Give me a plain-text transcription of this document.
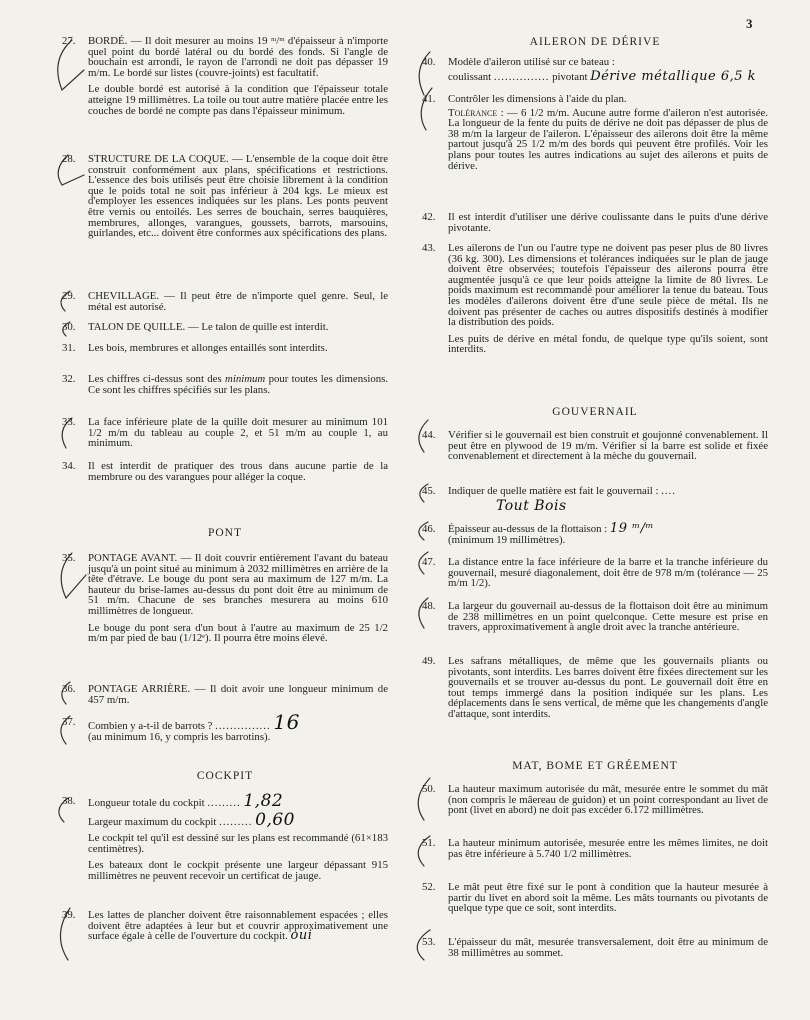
3
27. BORDÉ. — Il doit mesurer au moins 19 ᵐ/ᵐ d'épaisseur à n'importe quel point du bordé latéral ou du bordé des fonds. Si l'angle de bouchain est arrondi, le rayon de l'arrondi ne doit pas dépasser 19 m/m. Le bordé sur listes (couvre-joints) est facultatif.
Le double bordé est autorisé à la condition que l'épaisseur totale atteigne 19 millimètres. La toile ou tout autre matière placée entre les couches de bordé ne compte pas dans l'épaisseur minimum.
28. STRUCTURE DE LA COQUE. — L'ensemble de la coque doit être construit conformément aux plans, spécifications et restrictions. L'essence des bois utilisés peut être choisie librement à la condition que le poids total ne soit pas inférieur à 204 kgs. Le mieux est d'employer les essences indiquées sur les plans. Les ponts peuvent être vernis ou entoilés. Les serres de bouchain, serres bauquières, membrures, allonges, varangues, goussets, barrots, marsouins, guirlandes, etc... doivent être conformes aux spécifications des plans.
29. CHEVILLAGE. — Il peut être de n'importe quel genre. Seul, le métal est autorisé.
30. TALON DE QUILLE. — Le talon de quille est interdit.
31. Les bois, membrures et allonges entaillés sont interdits.
32. Les chiffres ci-dessus sont des minimum pour toutes les dimensions. Ce sont les chiffres spécifiés sur les plans.
33. La face inférieure plate de la quille doit mesurer au minimum 101 1/2 m/m du tableau au couple 2, et 51 m/m au couple 1, au minimum.
34. Il est interdit de pratiquer des trous dans aucune partie de la membrure ou des varangues pour alléger la coque.
PONT
35. PONTAGE AVANT. — Il doit couvrir entièrement l'avant du bateau jusqu'à un point situé au minimum à 2032 millimètres en arrière de la tête d'étrave. Le bouge du pont sera au maximum de 127 m/m. La hauteur du brise-lames au-dessus du pont doit être au minimum de 51 m/m. Chacune de ses branches mesurera au moins 610 millimètres de longueur.
Le bouge du pont sera d'un bout à l'autre au maximum de 25 1/2 m/m par pied de bau (1/12ᵉ). Il pourra être moins élevé.
36. PONTAGE ARRIÈRE. — Il doit avoir une longueur minimum de 457 m/m.
37. Combien y a-t-il de barrots ? ............... 16
(au minimum 16, y compris les barrotins).
COCKPIT
38. Longueur totale du cockpit ......... 1,82
Largeur maximum du cockpit ......... 0,60
Le cockpit tel qu'il est dessiné sur les plans est recommandé (61×183 centimètres).
Les bateaux dont le cockpit présente une largeur dépassant 915 millimètres ne peuvent recevoir un certificat de jauge.
39. Les lattes de plancher doivent être raisonnablement espacées ; elles doivent être adaptées à leur but et couvrir approximativement une surface égale à celle de l'ouverture du cockpit. oui
AILERON DE DÉRIVE
40. Modèle d'aileron utilisé sur ce bateau :
coulissant ............... pivotant Dérive métallique 6,5 k
41. Contrôler les dimensions à l'aide du plan.
Tolérance : — 6 1/2 m/m. Aucune autre forme d'aileron n'est autorisée. La longueur de la fente du puits de dérive ne doit pas dépasser de plus de 38 m/m la largeur de l'aileron. L'épaisseur des ailerons doit être la même partout jusqu'à 25 1/2 m/m des bords qui peuvent être profilés. Voir les plans pour toutes les autres indications au sujet des ailerons et puits de dérive.
42. Il est interdit d'utiliser une dérive coulissante dans le puits d'une dérive pivotante.
43. Les ailerons de l'un ou l'autre type ne doivent pas peser plus de 80 livres (36 kg. 300). Les dimensions et tolérances indiquées sur le plan de jauge doivent être observées; toutefois l'épaisseur des ailerons pourra être augmentée jusqu'à ce que leur poids atteigne la limite de 80 livres. Le poids maximum est recommandé pour améliorer la tenue du bateau. Tous les modèles d'ailerons doivent être d'une seule pièce de métal. Ils ne doivent pas présenter de caches ou autres dispositifs destinés à modifier la distribution des poids.
Les puits de dérive en métal fondu, de quelque type qu'ils soient, sont interdits.
GOUVERNAIL
44. Vérifier si le gouvernail est bien construit et goujonné convenablement. Il peut être en plywood de 19 m/m. Vérifier si la barre est solide et fixée convenablement et directement à la mèche du gouvernail.
45. Indiquer de quelle matière est fait le gouvernail : ....
Tout Bois
46. Épaisseur au-dessus de la flottaison : 19 ᵐ/ᵐ
(minimum 19 millimètres).
47. La distance entre la face inférieure de la barre et la tranche inférieure du gouvernail, mesuré diagonalement, doit être de 978 m/m (tolérance — 25 m/m 1/2).
48. La largeur du gouvernail au-dessus de la flottaison doit être au minimum de 238 millimètres en un point quelconque. Cette mesure est prise en travers, approximativement à angle droit avec la tranche antérieure.
49. Les safrans métalliques, de même que les gouvernails pliants ou pivotants, sont interdits. Les barres doivent être fixées directement sur les gouvernails et se trouver au-dessus du pont. Le gouvernail doit être en tout temps immergé dans la position indiquée sur les plans. Les déplacements dans le sens vertical, de même que les changements d'angle d'attaque, sont interdits.
MAT, BOME ET GRÉEMENT
50. La hauteur maximum autorisée du mât, mesurée entre le sommet du mât (non compris le mâereau de guidon) et un point correspondant au livet de pont (livet en abord) ne doit pas excéder 6.172 millimètres.
51. La hauteur minimum autorisée, mesurée entre les mêmes limites, ne doit pas être inférieure à 5.740 1/2 millimètres.
52. Le mât peut être fixé sur le pont à condition que la hauteur mesurée à partir du livet en abord soit la même. Les mâts tournants ou pivotants de quelque type que ce soit, sont interdits.
53. L'épaisseur du mât, mesurée transversalement, doit être au minimum de 38 millimètres au sommet.
